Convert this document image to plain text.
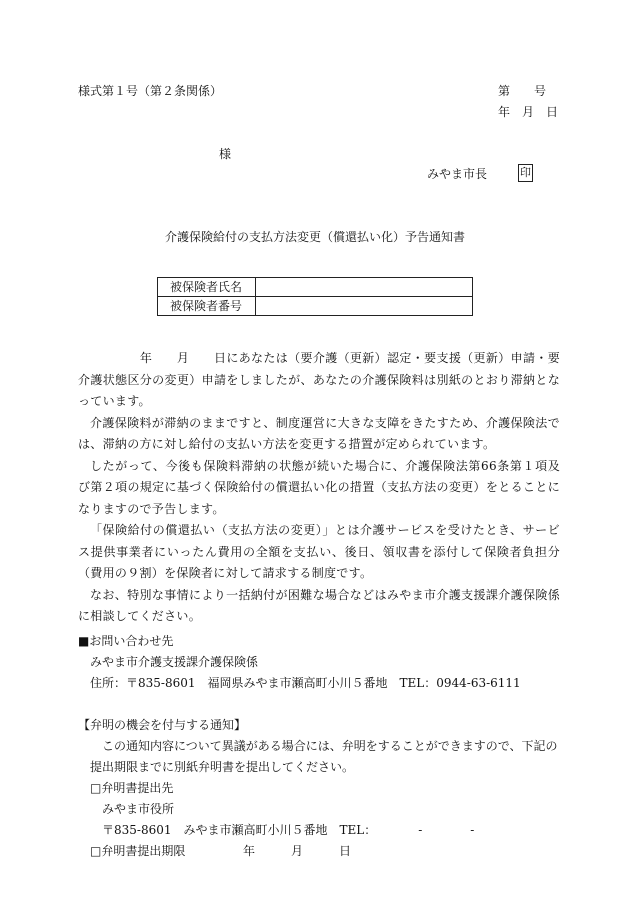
様式第１号（第２条関係）	第　　号
年　月　日
様
みやま市長	印
介護保険給付の支払方法変更（償還払い化）予告通知書
被保険者氏名	
被保険者番号	

　　　　　年　　月　　日にあなたは（要介護（更新）認定・要支援（更新）申請・要介護状態区分の変更）申請をしましたが、あなたの介護保険料は別紙のとおり滞納となっています。

介護保険料が滞納のままですと、制度運営に大きな支障をきたすため、介護保険法では、滞納の方に対し給付の支払い方法を変更する措置が定められています。

したがって、今後も保険料滞納の状態が続いた場合に、介護保険法第66条第１項及び第２項の規定に基づく保険給付の償還払い化の措置（支払方法の変更）をとることになりますので予告します。

「保険給付の償還払い（支払方法の変更）」とは介護サービスを受けたとき、サービス提供事業者にいったん費用の全額を支払い、後日、領収書を添付して保険者負担分（費用の９割）を保険者に対して請求する制度です。

なお、特別な事情により一括納付が困難な場合などはみやま市介護支援課介護保険係に相談してください。

■お問い合わせ先
みやま市介護支援課介護保険係
住所：〒835-8601　福岡県みやま市瀬高町小川５番地　TEL：0944-63-6111
【弁明の機会を付与する通知】
この通知内容について異議がある場合には、弁明をすることができますので、下記の
提出期限までに別紙弁明書を提出してください。
□弁明書提出先
みやま市役所
〒835-8601　みやま市瀬高町小川５番地　TEL：　　　　-　　　　-
□弁明書提出期限	年　　　月　　　日
